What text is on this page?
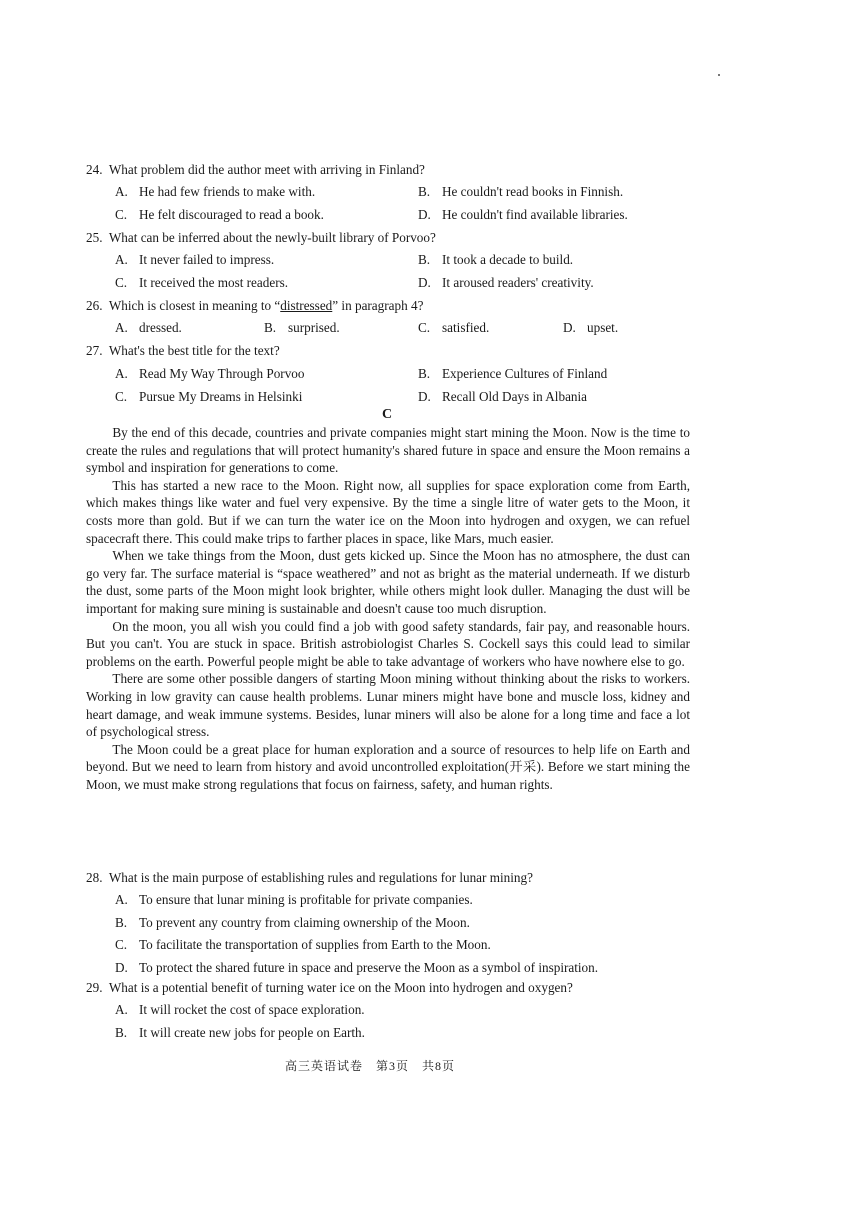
24. What problem did the author meet with arriving in Finland?
A. He had few friends to make with.	B. He couldn't read books in Finnish.
C. He felt discouraged to read a book.	D. He couldn't find available libraries.
25. What can be inferred about the newly-built library of Porvoo?
A. It never failed to impress.	B. It took a decade to build.
C. It received the most readers.	D. It aroused readers' creativity.
26. Which is closest in meaning to “distressed” in paragraph 4?
A. dressed.	B. surprised.	C. satisfied.	D. upset.
27. What's the best title for the text?
A. Read My Way Through Porvoo	B. Experience Cultures of Finland
C. Pursue My Dreams in Helsinki	D. Recall Old Days in Albania
C

By the end of this decade, countries and private companies might start mining the Moon. Now is the time to create the rules and regulations that will protect humanity's shared future in space and ensure the Moon remains a symbol and inspiration for generations to come.

This has started a new race to the Moon. Right now, all supplies for space exploration come from Earth, which makes things like water and fuel very expensive. By the time a single litre of water gets to the Moon, it costs more than gold. But if we can turn the water ice on the Moon into hydrogen and oxygen, we can refuel spacecraft there. This could make trips to farther places in space, like Mars, much easier.

When we take things from the Moon, dust gets kicked up. Since the Moon has no atmosphere, the dust can go very far. The surface material is “space weathered” and not as bright as the material underneath. If we disturb the dust, some parts of the Moon might look brighter, while others might look duller. Managing the dust will be important for making sure mining is sustainable and doesn't cause too much disruption.

On the moon, you all wish you could find a job with good safety standards, fair pay, and reasonable hours. But you can't. You are stuck in space. British astrobiologist Charles S. Cockell says this could lead to similar problems on the earth. Powerful people might be able to take advantage of workers who have nowhere else to go.

There are some other possible dangers of starting Moon mining without thinking about the risks to workers. Working in low gravity can cause health problems. Lunar miners might have bone and muscle loss, kidney and heart damage, and weak immune systems. Besides, lunar miners will also be alone for a long time and face a lot of psychological stress.

The Moon could be a great place for human exploration and a source of resources to help life on Earth and beyond. But we need to learn from history and avoid uncontrolled exploitation(开采). Before we start mining the Moon, we must make strong regulations that focus on fairness, safety, and human rights.

28. What is the main purpose of establishing rules and regulations for lunar mining?
A. To ensure that lunar mining is profitable for private companies.
B. To prevent any country from claiming ownership of the Moon.
C. To facilitate the transportation of supplies from Earth to the Moon.
D. To protect the shared future in space and preserve the Moon as a symbol of inspiration.
29. What is a potential benefit of turning water ice on the Moon into hydrogen and oxygen?
A. It will rocket the cost of space exploration.
B. It will create new jobs for people on Earth.
高三英语试卷　第3页　共8页
